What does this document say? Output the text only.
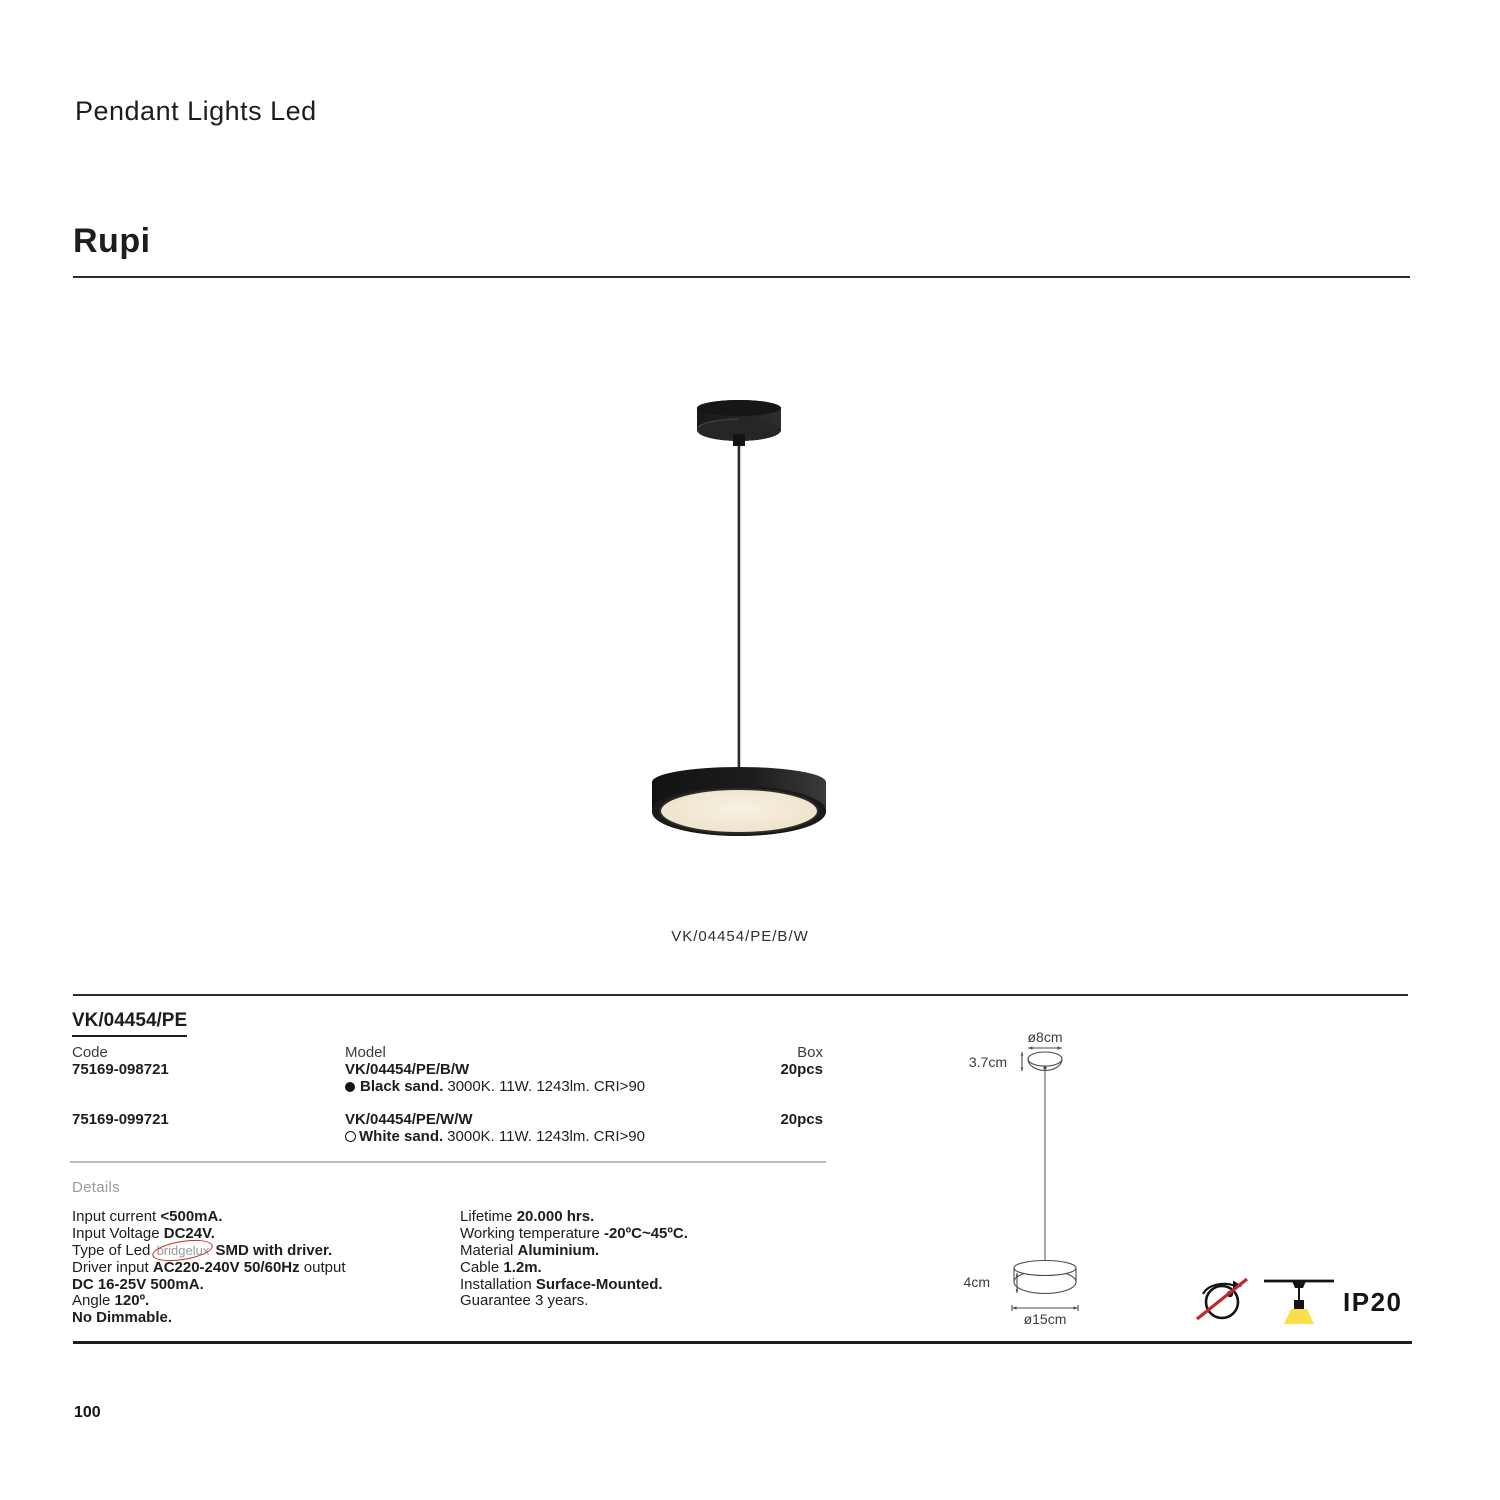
Pendant Lights Led
Rupi
VK/04454/PE/B/W
VK/04454/PE
Code	Model	Box
75169-098721	VK/04454/PE/B/W	20pcs
Black sand. 3000K. 11W. 1243lm. CRI>90
75169-099721	VK/04454/PE/W/W	20pcs
White sand. 3000K. 11W. 1243lm. CRI>90
Details
Input current <500mA.
Input Voltage DC24V.
Type of Led bridgelux SMD with driver.
Driver input AC220-240V 50/60Hz output
DC 16-25V 500mA.
Angle 120º.
No Dimmable.
Lifetime 20.000 hrs.
Working temperature -20ºC~45ºC.
Material Aluminium.
Cable 1.2m.
Installation Surface-Mounted.
Guarantee 3 years.
ø8cm
3.7cm
4cm
ø15cm
IP20
100
